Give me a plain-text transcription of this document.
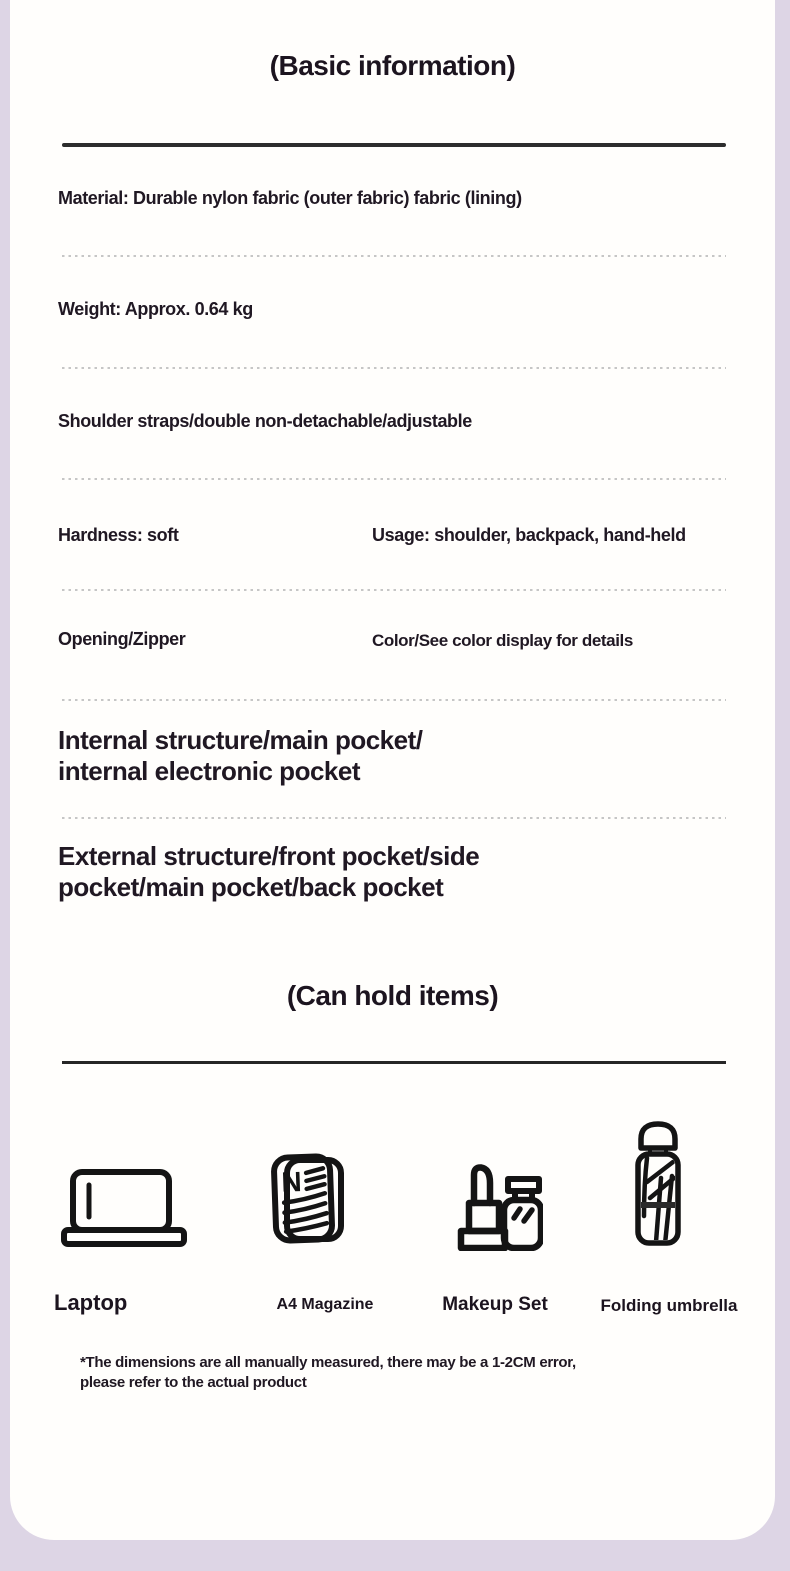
(Basic information)

Material: Durable nylon fabric (outer fabric) fabric (lining)

Weight: Approx. 0.64 kg

Shoulder straps/double non-detachable/adjustable

Hardness: soft	Usage: shoulder, backpack, hand-held

Opening/Zipper	Color/See color display for details

Internal structure/main pocket/
internal electronic pocket

External structure/front pocket/side
pocket/main pocket/back pocket

(Can hold items)
N

Laptop	A4 Magazine	Makeup Set	Folding umbrella

*The dimensions are all manually measured, there may be a 1-2CM error,
please refer to the actual product
